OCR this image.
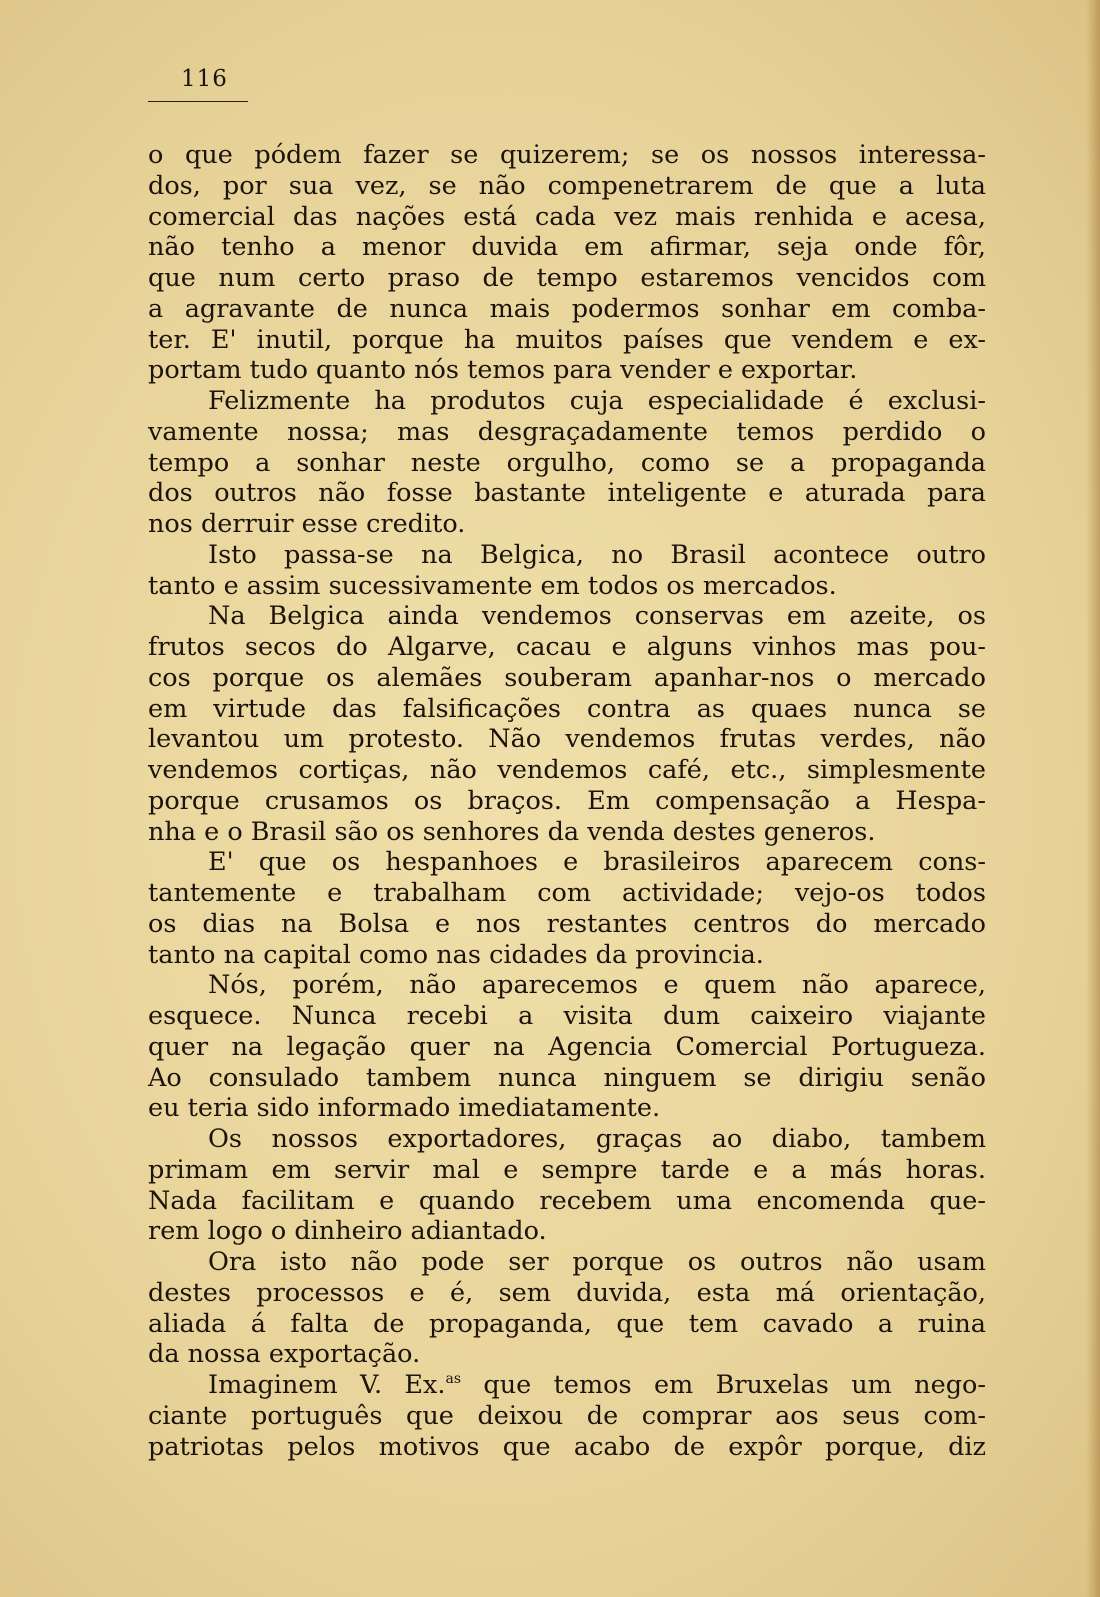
116
o que pódem fazer se quizerem; se os nossos interessa-
dos, por sua vez, se não compenetrarem de que a luta
comercial das nações está cada vez mais renhida e acesa,
não tenho a menor duvida em afirmar, seja onde fôr,
que num certo praso de tempo estaremos vencidos com
a agravante de nunca mais podermos sonhar em comba-
ter. E' inutil, porque ha muitos países que vendem e ex-
portam tudo quanto nós temos para vender e exportar.
Felizmente ha produtos cuja especialidade é exclusi-
vamente nossa; mas desgraçadamente temos perdido o
tempo a sonhar neste orgulho, como se a propaganda
dos outros não fosse bastante inteligente e aturada para
nos derruir esse credito.
Isto passa-se na Belgica, no Brasil acontece outro
tanto e assim sucessivamente em todos os mercados.
Na Belgica ainda vendemos conservas em azeite, os
frutos secos do Algarve, cacau e alguns vinhos mas pou-
cos porque os alemães souberam apanhar-nos o mercado
em virtude das falsificações contra as quaes nunca se
levantou um protesto. Não vendemos frutas verdes, não
vendemos cortiças, não vendemos café, etc., simplesmente
porque crusamos os braços. Em compensação a Hespa-
nha e o Brasil são os senhores da venda destes generos.
E' que os hespanhoes e brasileiros aparecem cons-
tantemente e trabalham com actividade; vejo-os todos
os dias na Bolsa e nos restantes centros do mercado
tanto na capital como nas cidades da provincia.
Nós, porém, não aparecemos e quem não aparece,
esquece. Nunca recebi a visita dum caixeiro viajante
quer na legação quer na Agencia Comercial Portugueza.
Ao consulado tambem nunca ninguem se dirigiu senão
eu teria sido informado imediatamente.
Os nossos exportadores, graças ao diabo, tambem
primam em servir mal e sempre tarde e a más horas.
Nada facilitam e quando recebem uma encomenda que-
rem logo o dinheiro adiantado.
Ora isto não pode ser porque os outros não usam
destes processos e é, sem duvida, esta má orientação,
aliada á falta de propaganda, que tem cavado a ruina
da nossa exportação.
Imaginem V. Ex.$^{as}$ que temos em Bruxelas um nego-
ciante português que deixou de comprar aos seus com-
patriotas pelos motivos que acabo de expôr porque, diz
